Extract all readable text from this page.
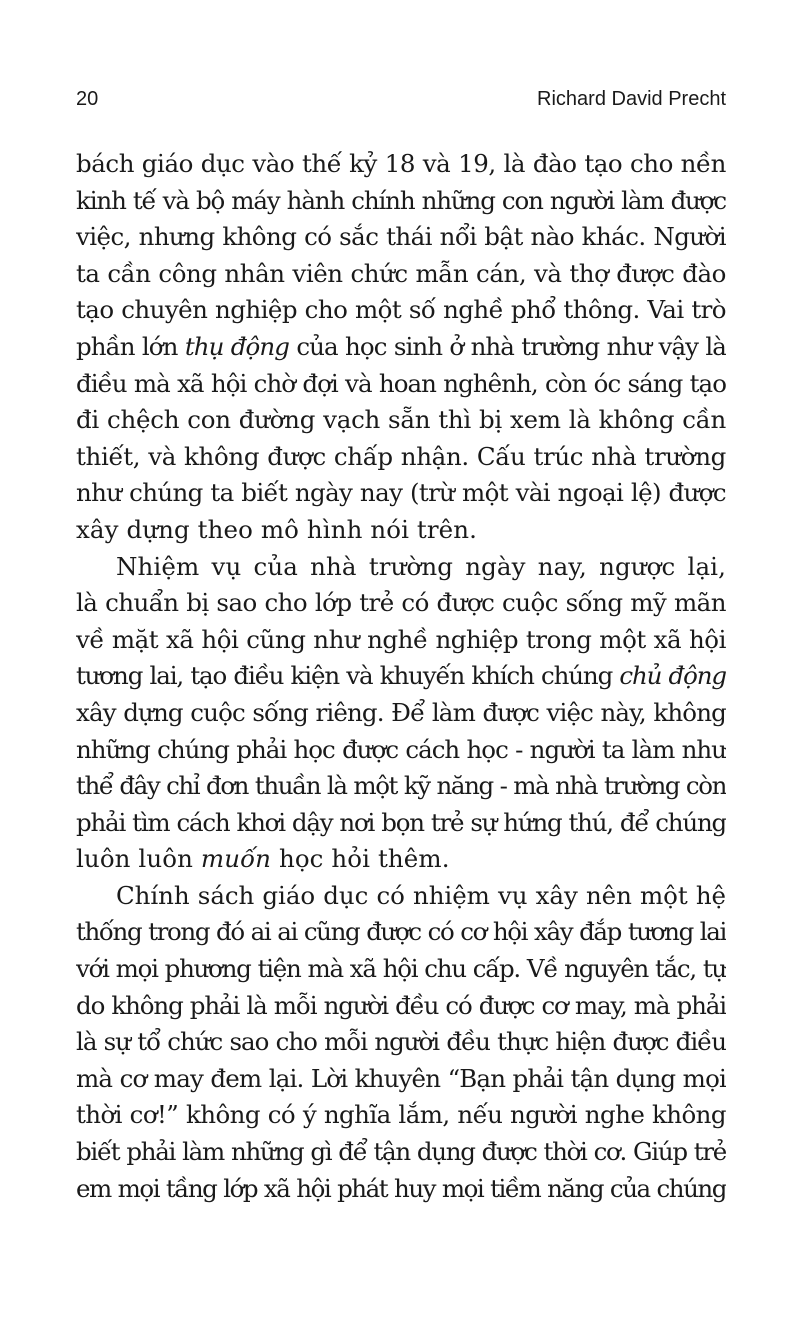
20	Richard David Precht
bách giáo dục vào thế kỷ 18 và 19, là đào tạo cho nền
kinh tế và bộ máy hành chính những con người làm được
việc, nhưng không có sắc thái nổi bật nào khác. Người
ta cần công nhân viên chức mẫn cán, và thợ được đào
tạo chuyên nghiệp cho một số nghề phổ thông. Vai trò
phần lớn thụ động của học sinh ở nhà trường như vậy là
điều mà xã hội chờ đợi và hoan nghênh, còn óc sáng tạo
đi chệch con đường vạch sẵn thì bị xem là không cần
thiết, và không được chấp nhận. Cấu trúc nhà trường
như chúng ta biết ngày nay (trừ một vài ngoại lệ) được
xây dựng theo mô hình nói trên.
Nhiệm vụ của nhà trường ngày nay, ngược lại,
là chuẩn bị sao cho lớp trẻ có được cuộc sống mỹ mãn
về mặt xã hội cũng như nghề nghiệp trong một xã hội
tương lai, tạo điều kiện và khuyến khích chúng chủ động
xây dựng cuộc sống riêng. Để làm được việc này, không
những chúng phải học được cách học - người ta làm như
thể đây chỉ đơn thuần là một kỹ năng - mà nhà trường còn
phải tìm cách khơi dậy nơi bọn trẻ sự hứng thú, để chúng
luôn luôn muốn học hỏi thêm.
Chính sách giáo dục có nhiệm vụ xây nên một hệ
thống trong đó ai ai cũng được có cơ hội xây đắp tương lai
với mọi phương tiện mà xã hội chu cấp. Về nguyên tắc, tự
do không phải là mỗi người đều có được cơ may, mà phải
là sự tổ chức sao cho mỗi người đều thực hiện được điều
mà cơ may đem lại. Lời khuyên “Bạn phải tận dụng mọi
thời cơ!” không có ý nghĩa lắm, nếu người nghe không
biết phải làm những gì để tận dụng được thời cơ. Giúp trẻ
em mọi tầng lớp xã hội phát huy mọi tiềm năng của chúng
